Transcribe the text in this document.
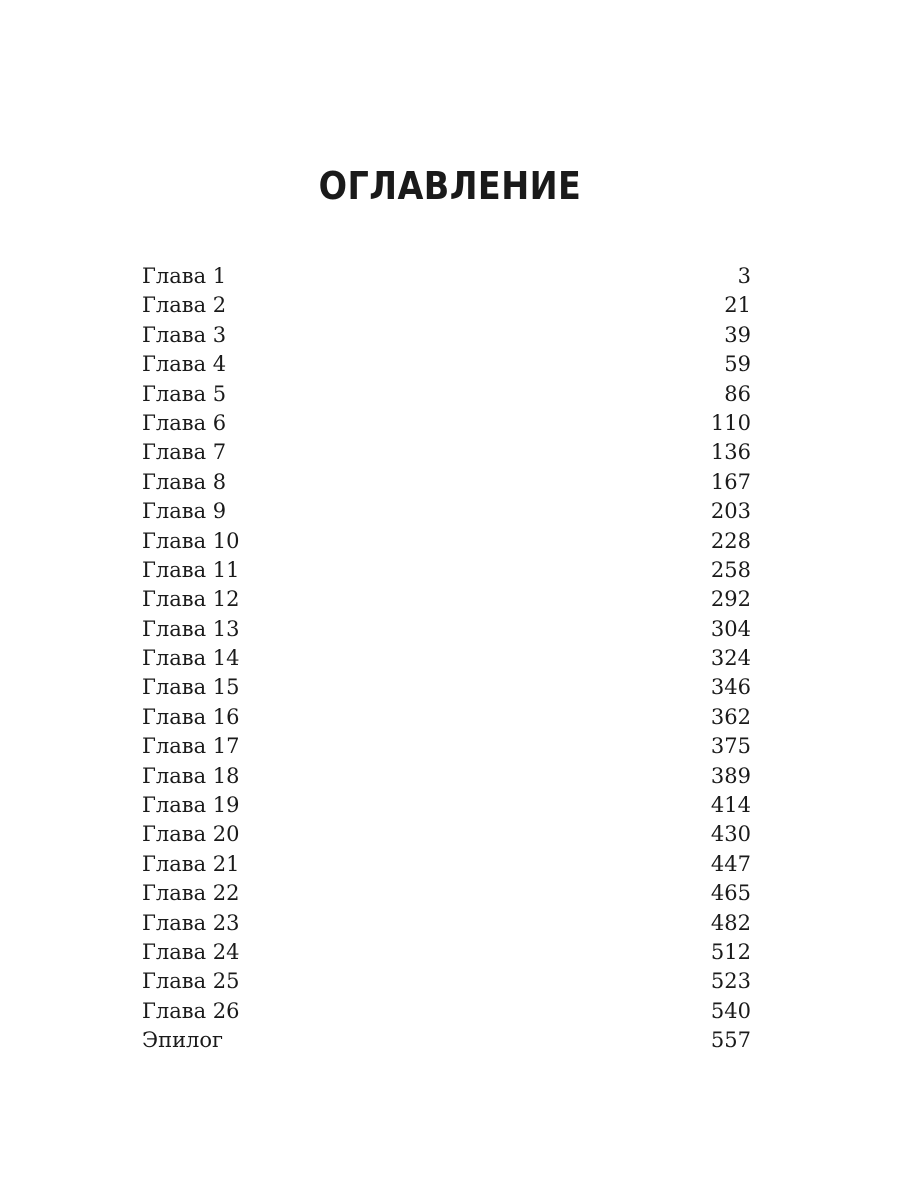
ОГЛАВЛЕНИЕ
Глава 1	3
Глава 2	21
Глава 3	39
Глава 4	59
Глава 5	86
Глава 6	110
Глава 7	136
Глава 8	167
Глава 9	203
Глава 10	228
Глава 11	258
Глава 12	292
Глава 13	304
Глава 14	324
Глава 15	346
Глава 16	362
Глава 17	375
Глава 18	389
Глава 19	414
Глава 20	430
Глава 21	447
Глава 22	465
Глава 23	482
Глава 24	512
Глава 25	523
Глава 26	540
Эпилог	557
